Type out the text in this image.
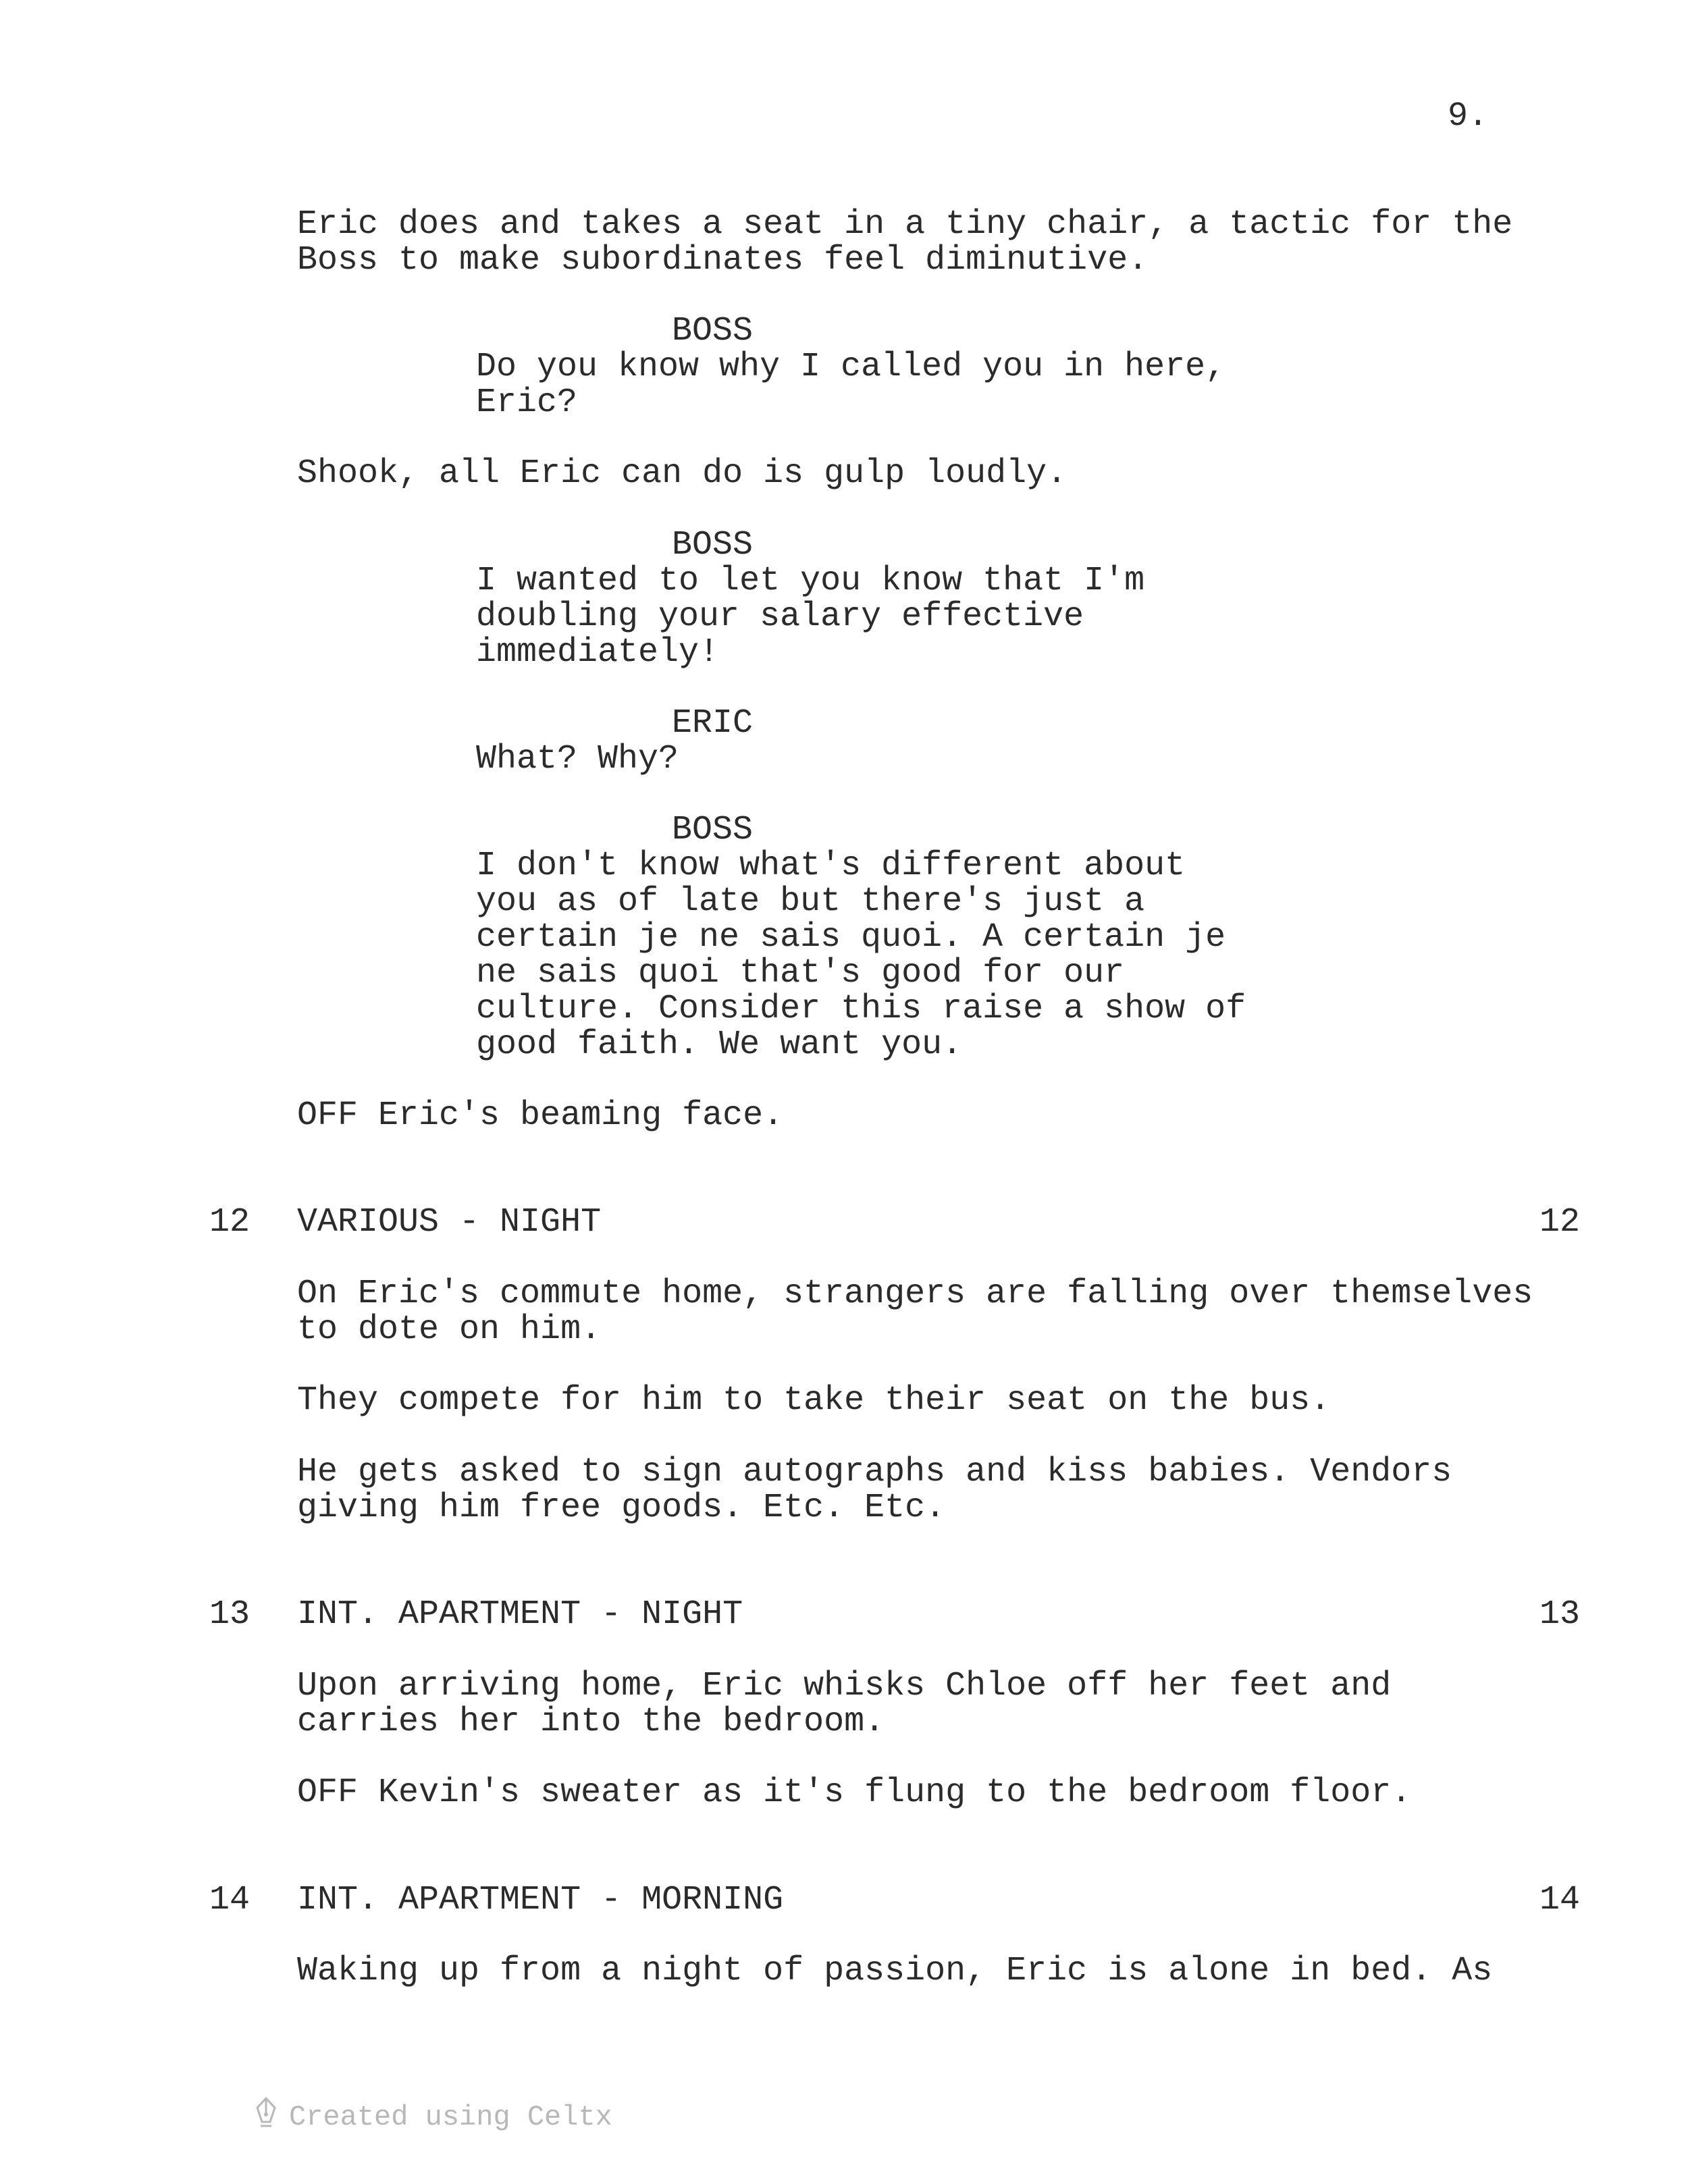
9.
Eric does and takes a seat in a tiny chair, a tactic for the
Boss to make subordinates feel diminutive.
BOSS
Do you know why I called you in here,
Eric?
Shook, all Eric can do is gulp loudly.
BOSS
I wanted to let you know that I'm
doubling your salary effective
immediately!
ERIC
What? Why?
BOSS
I don't know what's different about
you as of late but there's just a
certain je ne sais quoi. A certain je
ne sais quoi that's good for our
culture. Consider this raise a show of
good faith. We want you.
OFF Eric's beaming face.
12 VARIOUS - NIGHT	12
On Eric's commute home, strangers are falling over themselves
to dote on him.
They compete for him to take their seat on the bus.
He gets asked to sign autographs and kiss babies. Vendors
giving him free goods. Etc. Etc.
13 INT. APARTMENT - NIGHT	13
Upon arriving home, Eric whisks Chloe off her feet and
carries her into the bedroom.
OFF Kevin's sweater as it's flung to the bedroom floor.
14 INT. APARTMENT - MORNING	14
Waking up from a night of passion, Eric is alone in bed. As
Created using Celtx
